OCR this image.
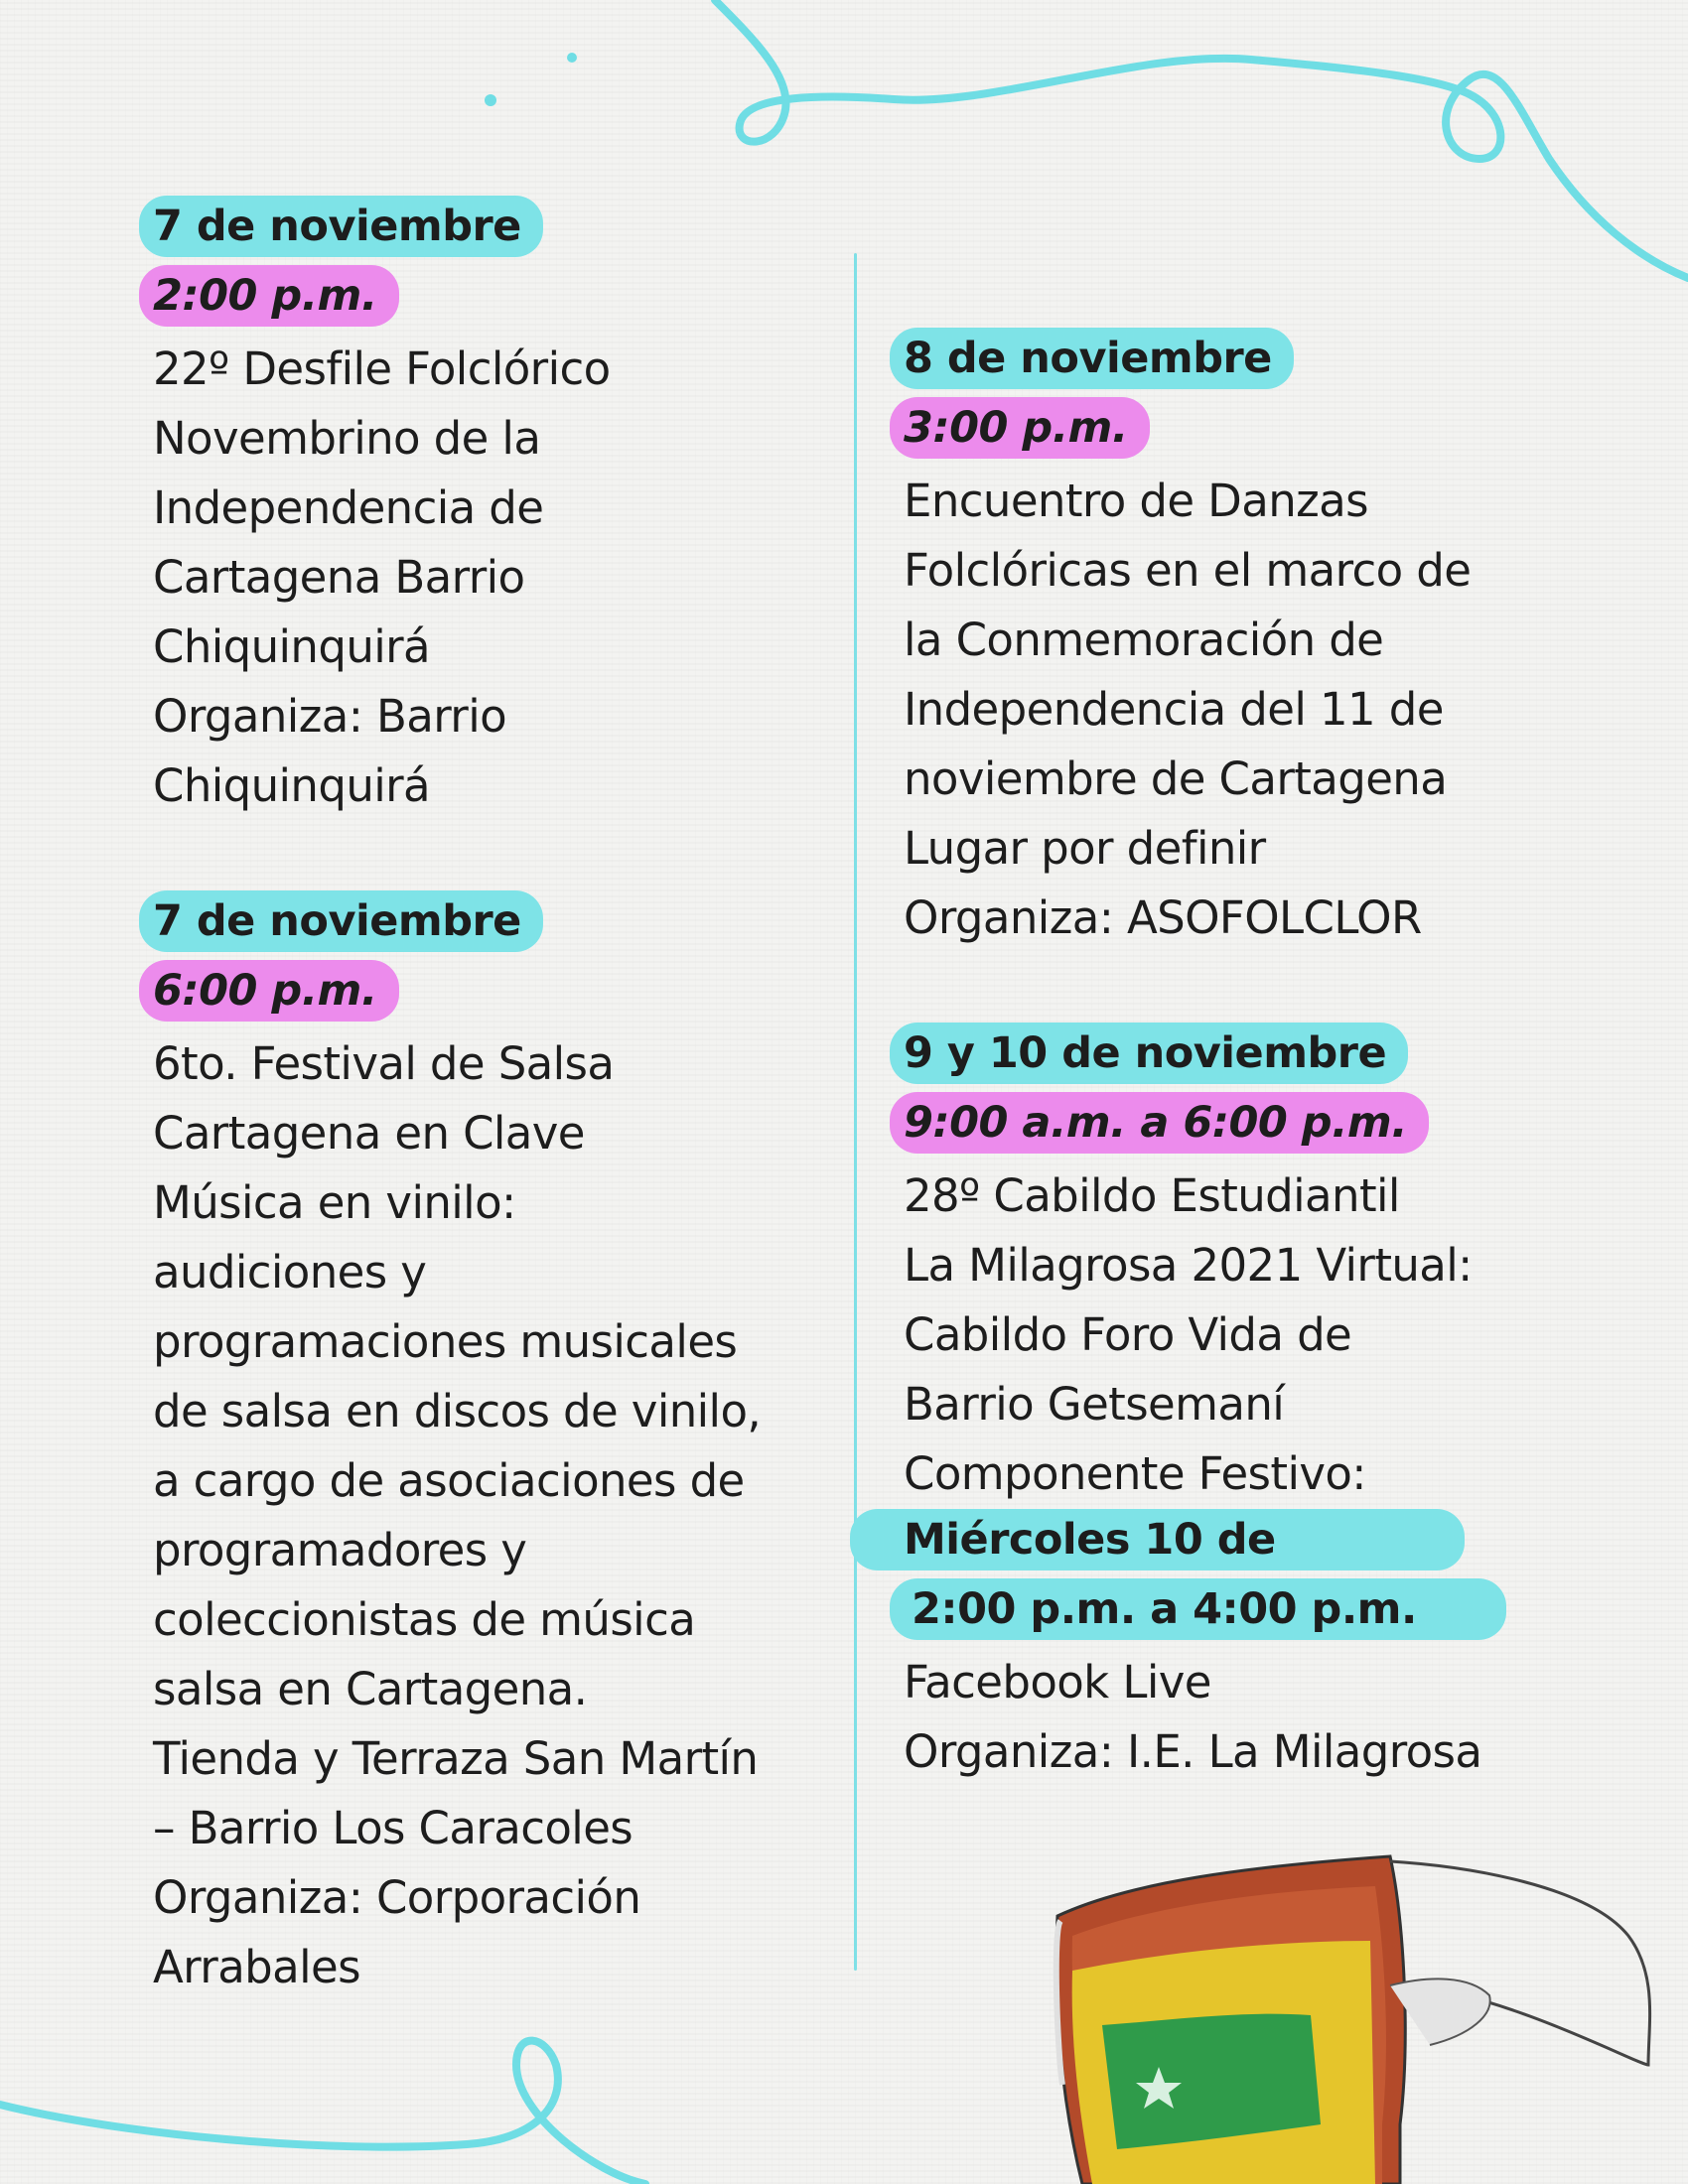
7 de noviembre
2:00 p.m.
22º Desfile Folclórico
Novembrino de la
Independencia de
Cartagena Barrio
Chiquinquirá
Organiza: Barrio
Chiquinquirá
7 de noviembre
6:00 p.m.
6to. Festival de Salsa
Cartagena en Clave
Música en vinilo:
audiciones y
programaciones musicales
de salsa en discos de vinilo,
a cargo de asociaciones de
programadores y
coleccionistas de música
salsa en Cartagena.
Tienda y Terraza San Martín
– Barrio Los Caracoles
Organiza: Corporación
Arrabales
8 de noviembre
3:00 p.m.
Encuentro de Danzas
Folclóricas en el marco de
la Conmemoración de
Independencia del 11 de
noviembre de Cartagena
Lugar por definir
Organiza: ASOFOLCLOR
9 y 10 de noviembre
9:00 a.m. a 6:00 p.m.
28º Cabildo Estudiantil
La Milagrosa 2021 Virtual:
Cabildo Foro Vida de
Barrio Getsemaní
Componente Festivo:
Miércoles 10 de
2:00 p.m. a 4:00 p.m.
Facebook Live
Organiza: I.E. La Milagrosa
